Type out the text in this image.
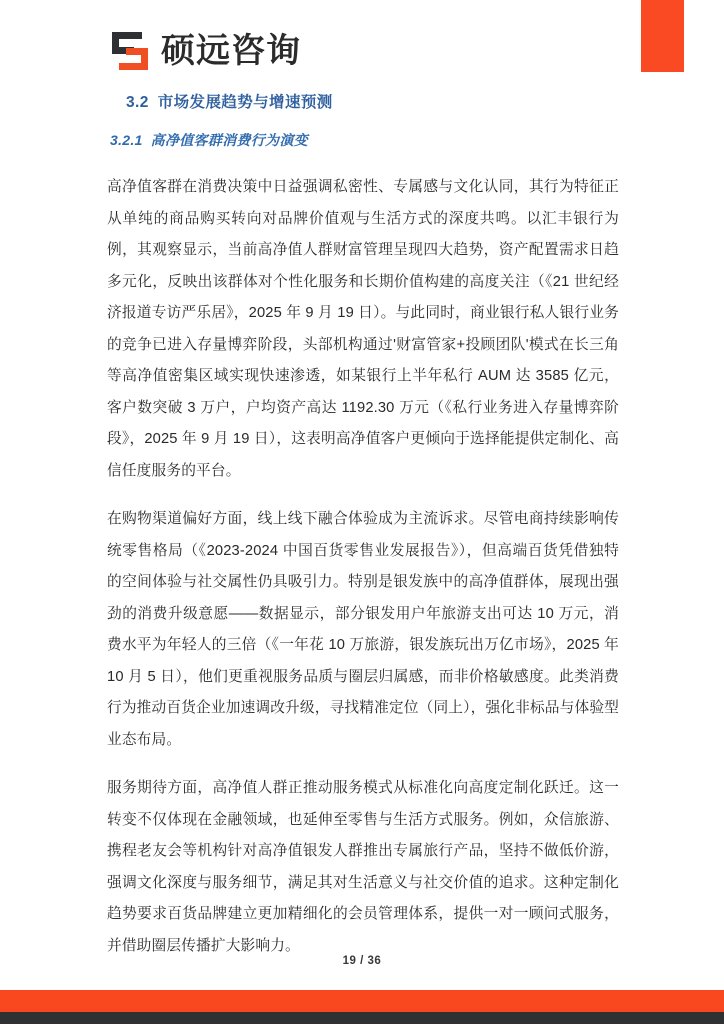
硕远咨询
3.2 市场发展趋势与增速预测
3.2.1 高净值客群消费行为演变

高净值客群在消费决策中日益强调私密性、专属感与文化认同，其行为特征正从单纯的商品购买转向对品牌价值观与生活方式的深度共鸣。以汇丰银行为例，其观察显示，当前高净值人群财富管理呈现四大趋势，资产配置需求日趋多元化，反映出该群体对个性化服务和长期价值构建的高度关注（《21 世纪经济报道专访严乐居》，2025 年 9 月 19 日）。与此同时，商业银行私人银行业务的竞争已进入存量博弈阶段，头部机构通过'财富管家+投顾团队'模式在长三角等高净值密集区域实现快速渗透，如某银行上半年私行 AUM 达 3585 亿元，客户数突破 3 万户，户均资产高达 1192.30 万元（《私行业务进入存量博弈阶段》，2025 年 9 月 19 日），这表明高净值客户更倾向于选择能提供定制化、高信任度服务的平台。

在购物渠道偏好方面，线上线下融合体验成为主流诉求。尽管电商持续影响传统零售格局（《2023-2024 中国百货零售业发展报告》），但高端百货凭借独特的空间体验与社交属性仍具吸引力。特别是银发族中的高净值群体，展现出强劲的消费升级意愿——数据显示，部分银发用户年旅游支出可达 10 万元，消费水平为年轻人的三倍（《一年花 10 万旅游，银发族玩出万亿市场》，2025 年 10 月 5 日），他们更重视服务品质与圈层归属感，而非价格敏感度。此类消费行为推动百货企业加速调改升级，寻找精准定位（同上），强化非标品与体验型业态布局。

服务期待方面，高净值人群正推动服务模式从标准化向高度定制化跃迁。这一转变不仅体现在金融领域，也延伸至零售与生活方式服务。例如，众信旅游、携程老友会等机构针对高净值银发人群推出专属旅行产品，坚持不做低价游，强调文化深度与服务细节，满足其对生活意义与社交价值的追求。这种定制化趋势要求百货品牌建立更加精细化的会员管理体系，提供一对一顾问式服务，并借助圈层传播扩大影响力。

19 / 36
